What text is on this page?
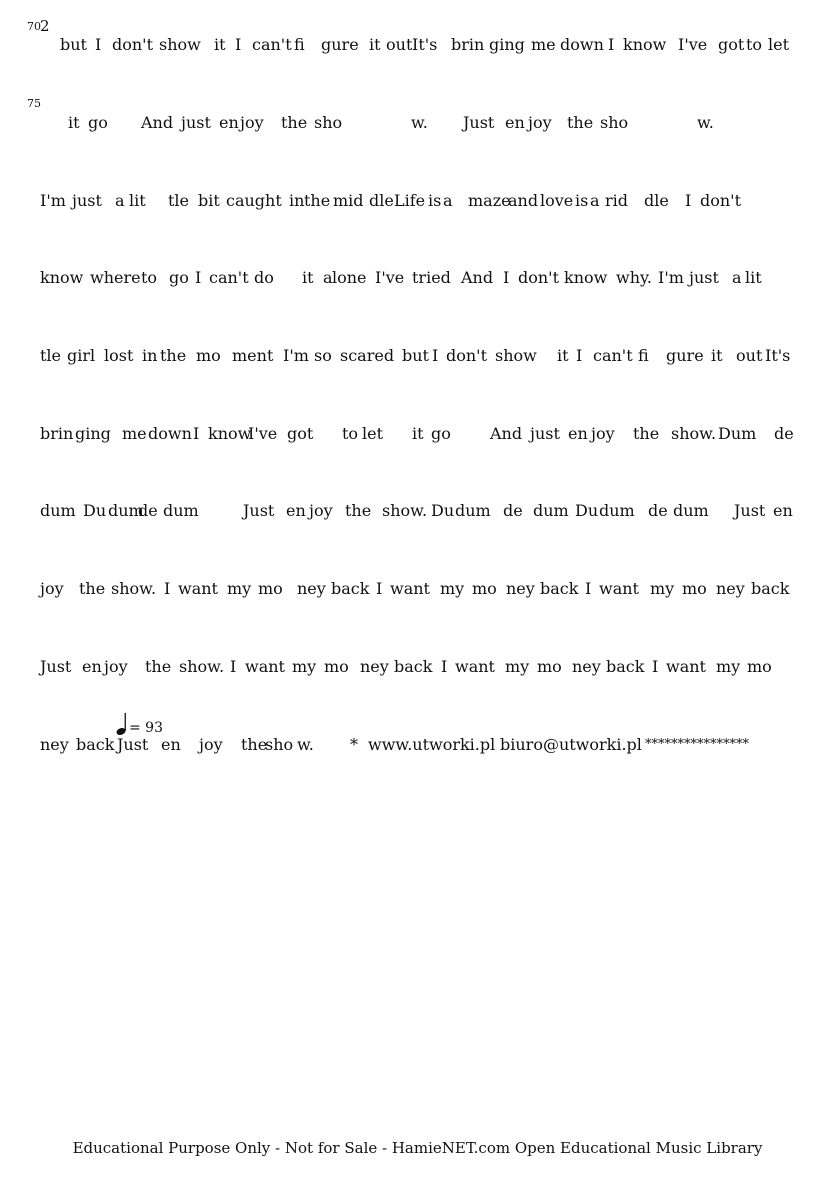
2
70
75
but I don't show it I can't fi gure it out It's brin ging me down I know I've got to let
it go And just en joy the sho	w. Just en joy the sho	w.
I'm just a lit tle bit caught in the mid dle Life is a maze
and love is a rid dle I don't
know where to go I can't do it a lone I've tried And I don't know why. I'm just a lit
tle girl lost in the mo ment I'm so scared but I don't show it I can't fi gure it out It's
brin ging me down I know
I've got to let it go And just en joy the show. Dum de
dum Du dum
de dum	Just en joy the show. Du dum de dum Du dum de dum Just en
joy the show. I want my mo ney back I want my mo ney back I want my mo ney back
Just en joy the show. I want my mo ney back I want my mo ney back I want my mo
ney back Just en joy the
sho w. * www.utworki.pl biuro@utworki.pl ****************
= 93
Educational Purpose Only - Not for Sale - HamieNET.com Open Educational Music Library
